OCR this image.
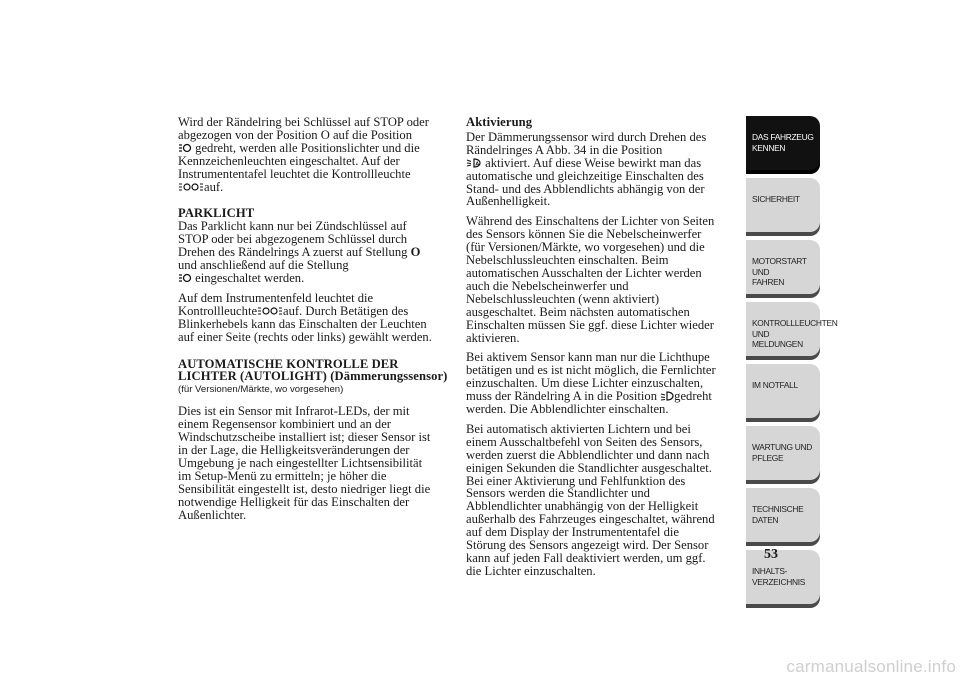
Wird der Rändelring bei Schlüssel auf STOP oder
abgezogen von der Position O auf die Position

gedreht, werden alle Positionslichter und die
Kennzeichenleuchten eingeschaltet. Auf der
Instrumententafel leuchtet die Kontrollleuchte

auf.

PARKLICHT

Das Parklicht kann nur bei Zündschlüssel auf
STOP oder bei abgezogenem Schlüssel durch
Drehen des Rändelrings A zuerst auf Stellung O
und anschließend auf die Stellung

eingeschaltet werden.

Auf dem Instrumentenfeld leuchtet die
Kontrollleuchte auf. Durch Betätigen des
Blinkerhebels kann das Einschalten der Leuchten
auf einer Seite (rechts oder links) gewählt werden.

AUTOMATISCHE KONTROLLE DER
LICHTER (AUTOLIGHT) (Dämmerungssensor)
(für Versionen/Märkte, wo vorgesehen)

Dies ist ein Sensor mit Infrarot-LEDs, der mit
einem Regensensor kombiniert und an der
Windschutzscheibe installiert ist; dieser Sensor ist
in der Lage, die Helligkeitsveränderungen der
Umgebung je nach eingestellter Lichtsensibilität
im Setup-Menü zu ermitteln; je höher die
Sensibilität eingestellt ist, desto niedriger liegt die
notwendige Helligkeit für das Einschalten der
Außenlichter.

Aktivierung

Der Dämmerungssensor wird durch Drehen des
Rändelringes A Abb. 34 in die Position

A aktiviert. Auf diese Weise bewirkt man das
automatische und gleichzeitige Einschalten des
Stand- und des Abblendlichts abhängig von der
Außenhelligkeit.

Während des Einschaltens der Lichter von Seiten
des Sensors können Sie die Nebelscheinwerfer
(für Versionen/Märkte, wo vorgesehen) und die
Nebelschlussleuchten einschalten. Beim
automatischen Ausschalten der Lichter werden
auch die Nebelscheinwerfer und
Nebelschlussleuchten (wenn aktiviert)
ausgeschaltet. Beim nächsten automatischen
Einschalten müssen Sie ggf. diese Lichter wieder
aktivieren.

Bei aktivem Sensor kann man nur die Lichthupe
betätigen und es ist nicht möglich, die Fernlichter
einzuschalten. Um diese Lichter einzuschalten,
muss der Rändelring A in die Position gedreht
werden. Die Abblendlichter einschalten.

Bei automatisch aktivierten Lichtern und bei
einem Ausschaltbefehl von Seiten des Sensors,
werden zuerst die Abblendlichter und dann nach
einigen Sekunden die Standlichter ausgeschaltet.
Bei einer Aktivierung und Fehlfunktion des
Sensors werden die Standlichter und
Abblendlichter unabhängig von der Helligkeit
außerhalb des Fahrzeuges eingeschaltet, während
auf dem Display der Instrumententafel die
Störung des Sensors angezeigt wird. Der Sensor
kann auf jeden Fall deaktiviert werden, um ggf.
die Lichter einzuschalten.

DAS FAHRZEUG
KENNEN
SICHERHEIT
MOTORSTART UND
FAHREN
KONTROLLLEUCHTEN
UND MELDUNGEN
IM NOTFALL
WARTUNG UND
PFLEGE
TECHNISCHE
DATEN
INHALTS-
VERZEICHNIS
53
carmanualsonline.info
